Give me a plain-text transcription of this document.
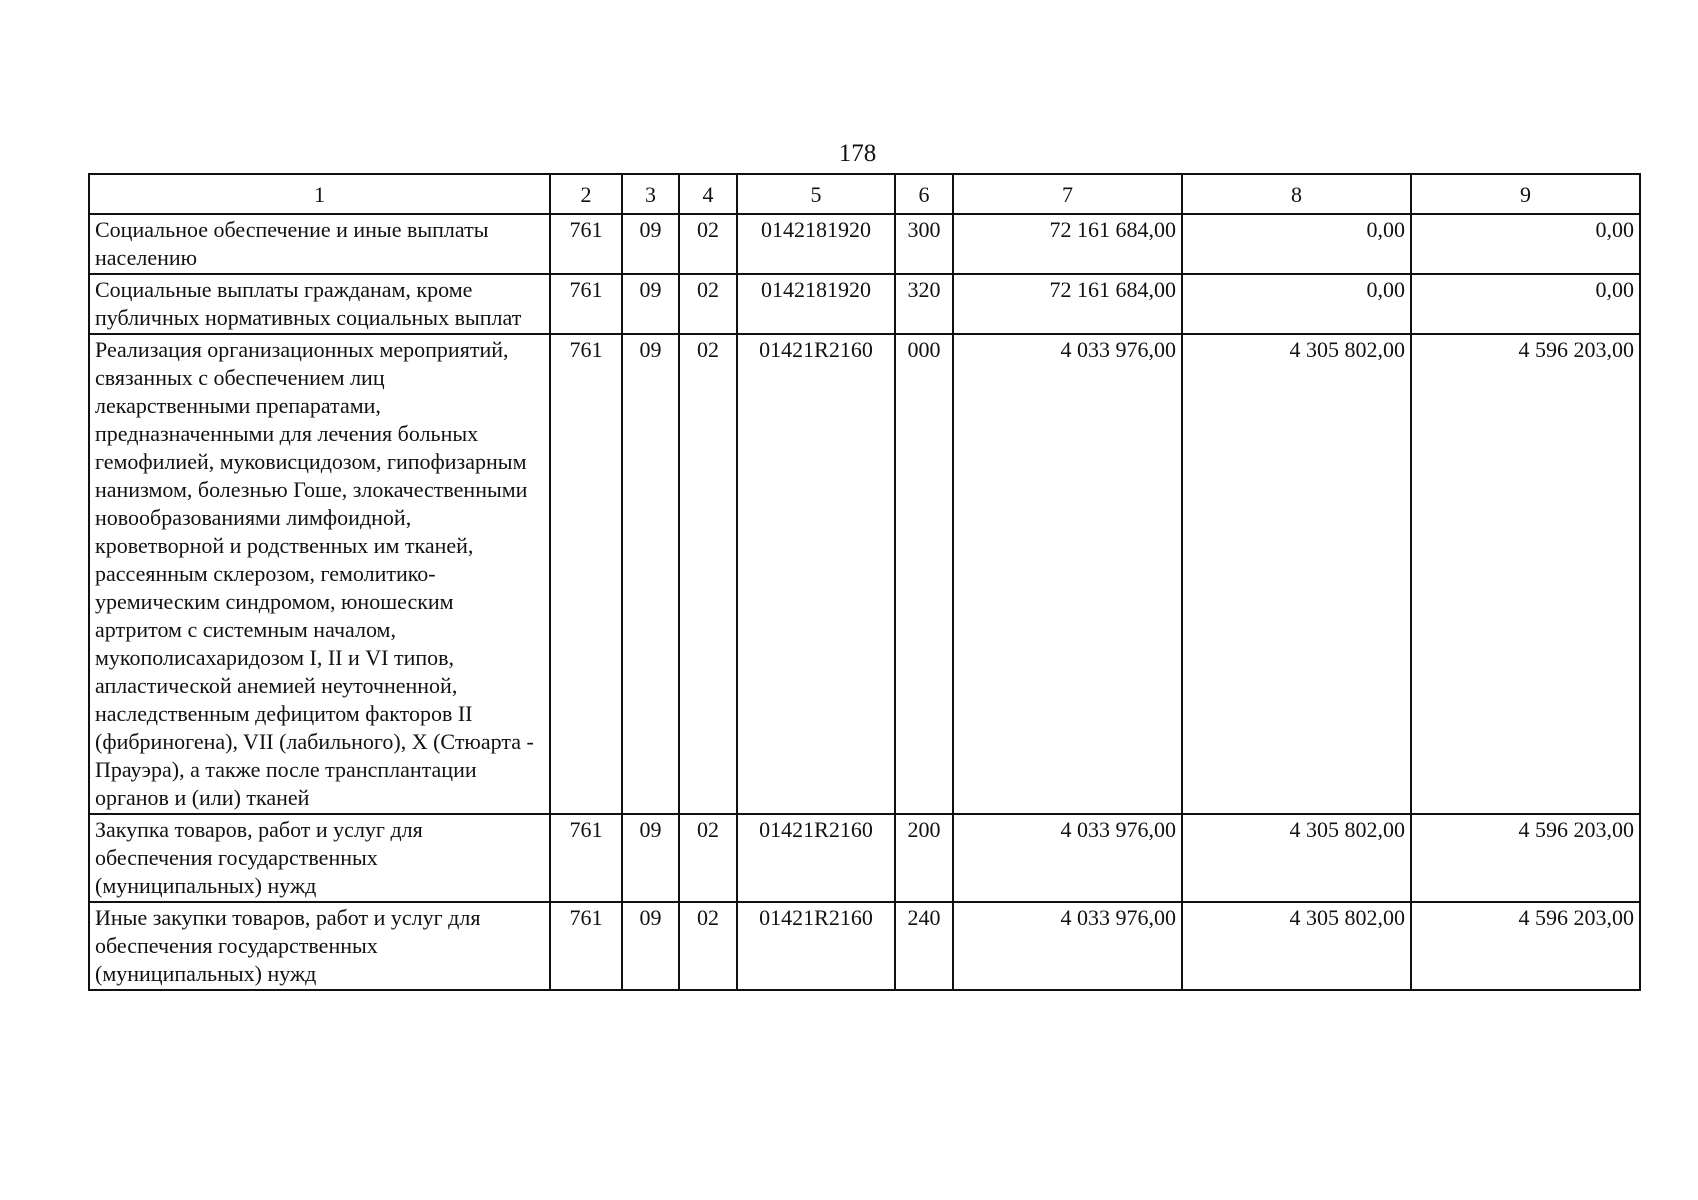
178
1	2	3	4	5	6	7	8	9
Социальное обеспечение и иные выплаты населению	761	09	02	0142181920	300	72 161 684,00	0,00	0,00
Социальные выплаты гражданам, кроме публичных нормативных социальных выплат	761	09	02	0142181920	320	72 161 684,00	0,00	0,00
Реализация организационных мероприятий, связанных с обеспечением лиц лекарственными препаратами, предназначенными для лечения больных гемофилией, муковисцидозом, гипофизарным нанизмом, болезнью Гоше, злокачественными новообразованиями лимфоидной, кроветворной и родственных им тканей, рассеянным склерозом, гемолитико-уремическим синдромом, юношеским артритом с системным началом, мукополисахаридозом I, II и VI типов, апластической анемией неуточненной, наследственным дефицитом факторов II (фибриногена), VII (лабильного), X (Стюарта - Прауэра), а также после трансплантации органов и (или) тканей	761	09	02	01421R2160	000	4 033 976,00	4 305 802,00	4 596 203,00
Закупка товаров, работ и услуг для обеспечения государственных (муниципальных) нужд	761	09	02	01421R2160	200	4 033 976,00	4 305 802,00	4 596 203,00
Иные закупки товаров, работ и услуг для обеспечения государственных (муниципальных) нужд	761	09	02	01421R2160	240	4 033 976,00	4 305 802,00	4 596 203,00
